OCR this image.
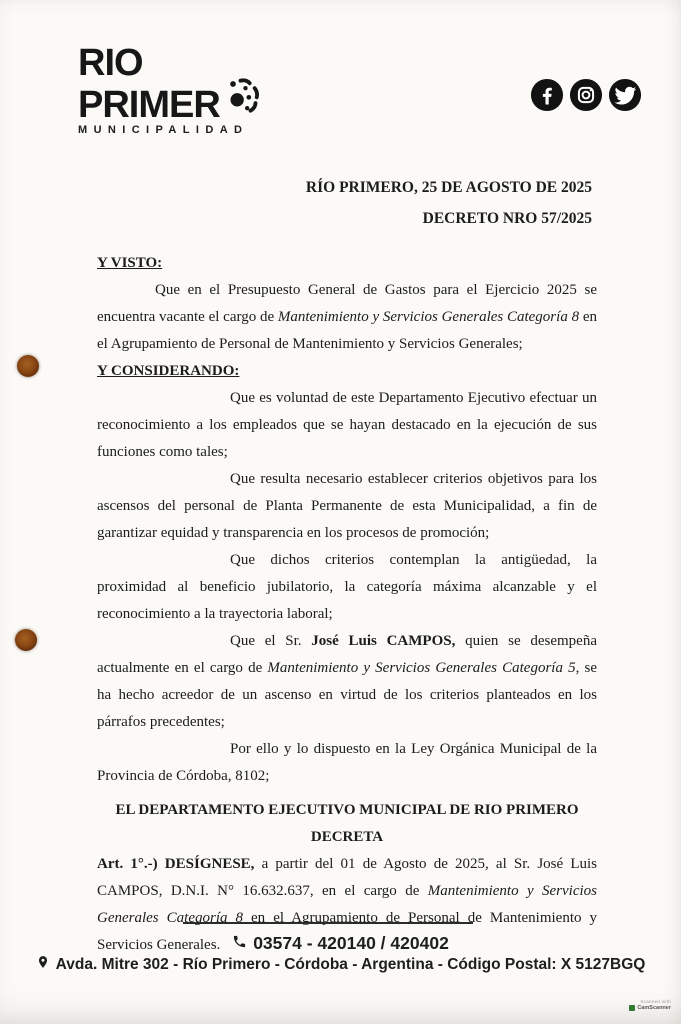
RIO
PRIMER
MUNICIPALIDAD
RÍO PRIMERO, 25 DE AGOSTO DE 2025
DECRETO NRO 57/2025
Y VISTO:

Que en el Presupuesto General de Gastos para el Ejercicio 2025 se encuentra vacante el cargo de Mantenimiento y Servicios Generales Categoría 8 en el Agrupamiento de Personal de Mantenimiento y Servicios Generales;

Y CONSIDERANDO:

Que es voluntad de este Departamento Ejecutivo efectuar un reconocimiento a los empleados que se hayan destacado en la ejecución de sus funciones como tales;

Que resulta necesario establecer criterios objetivos para los ascensos del personal de Planta Permanente de esta Municipalidad, a fin de garantizar equidad y transparencia en los procesos de promoción;

Que dichos criterios contemplan la antigüedad, la proximidad al beneficio jubilatorio, la categoría máxima alcanzable y el reconocimiento a la trayectoria laboral;

Que el Sr. José Luis CAMPOS, quien se desempeña actualmente en el cargo de Mantenimiento y Servicios Generales Categoría 5, se ha hecho acreedor de un ascenso en virtud de los criterios planteados en los párrafos precedentes;

Por ello y lo dispuesto en la Ley Orgánica Municipal de la Provincia de Córdoba, 8102;

EL DEPARTAMENTO EJECUTIVO MUNICIPAL DE RIO PRIMERO

DECRETA

Art. 1°.-) DESÍGNESE, a partir del 01 de Agosto de 2025, al Sr. José Luis CAMPOS, D.N.I. N° 16.632.637, en el cargo de Mantenimiento y Servicios Generales Categoría 8 en el Agrupamiento de Personal de Mantenimiento y Servicios Generales.	03574 - 420140 / 420402
Avda. Mitre 302 - Río Primero - Córdoba - Argentina - Código Postal: X 5127BGQ
Scanned with
CamScanner
